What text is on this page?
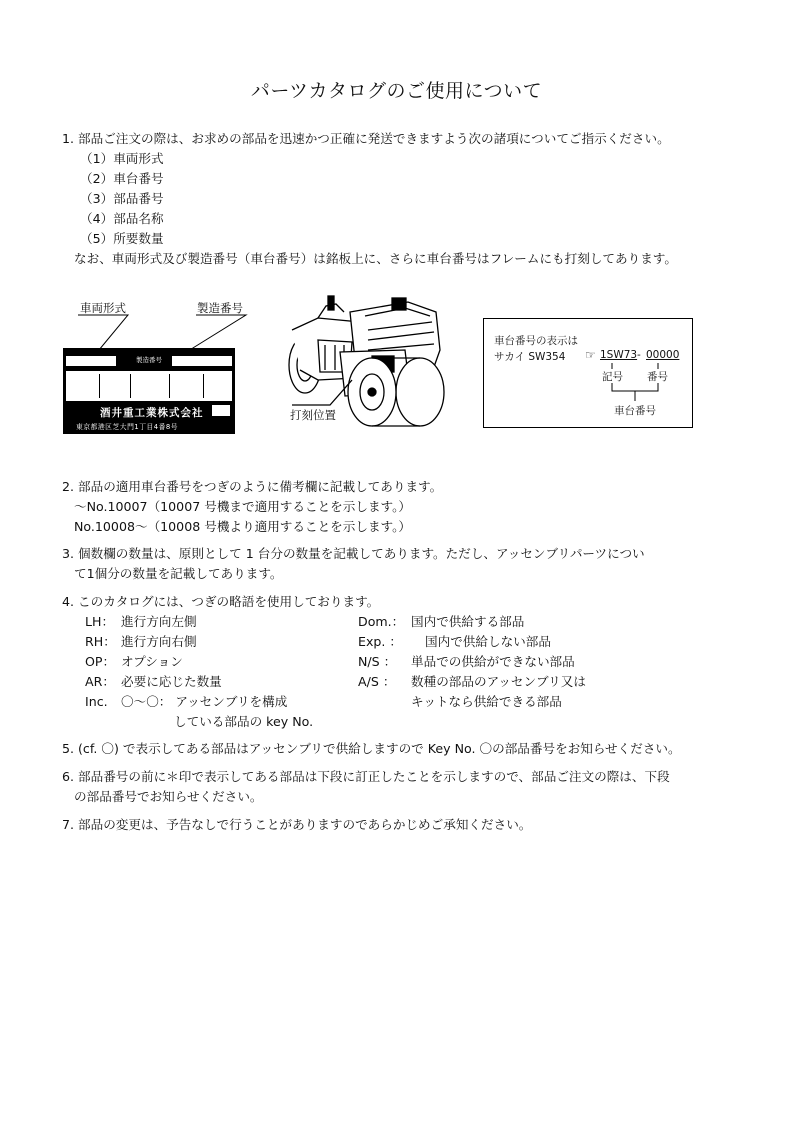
パーツカタログのご使用について
1. 部品ご注文の際は、お求めの部品を迅速かつ正確に発送できますよう次の諸項についてご指示ください。
（1）車両形式
（2）車台番号
（3）部品番号
（4）部品名称
（5）所要数量
なお、車両形式及び製造番号（車台番号）は銘板上に、さらに車台番号はフレームにも打刻してあります。
車両形式	製造番号
製造番号
酒井重工業株式会社
東京都港区芝大門1丁目4番8号
打刻位置
車台番号の表示は
サカイ SW354 ☞ 1SW73 - 00000
記号 番号
車台番号
2. 部品の適用車台番号をつぎのように備考欄に記載してあります。
～No.10007（10007 号機まで適用することを示します。）
No.10008～（10008 号機より適用することを示します。）
3. 個数欄の数量は、原則として 1 台分の数量を記載してあります。ただし、アッセンブリパーツについ
て1個分の数量を記載してあります。
4. このカタログには、つぎの略語を使用しております。
LH： 進行方向左側
RH： 進行方向右側
OP： オプション
AR： 必要に応じた数量
Inc. 〇～〇： アッセンブリを構成
している部品の key No.
Dom.： 国内で供給する部品
Exp. ： 国内で供給しない部品
N/S ： 単品での供給ができない部品
A/S ： 数種の部品のアッセンブリ又は
キットなら供給できる部品
5. (cf. 〇) で表示してある部品はアッセンブリで供給しますので Key No. 〇の部品番号をお知らせください。
6. 部品番号の前に＊印で表示してある部品は下段に訂正したことを示しますので、部品ご注文の際は、下段
の部品番号でお知らせください。
7. 部品の変更は、予告なしで行うことがありますのであらかじめご承知ください。
